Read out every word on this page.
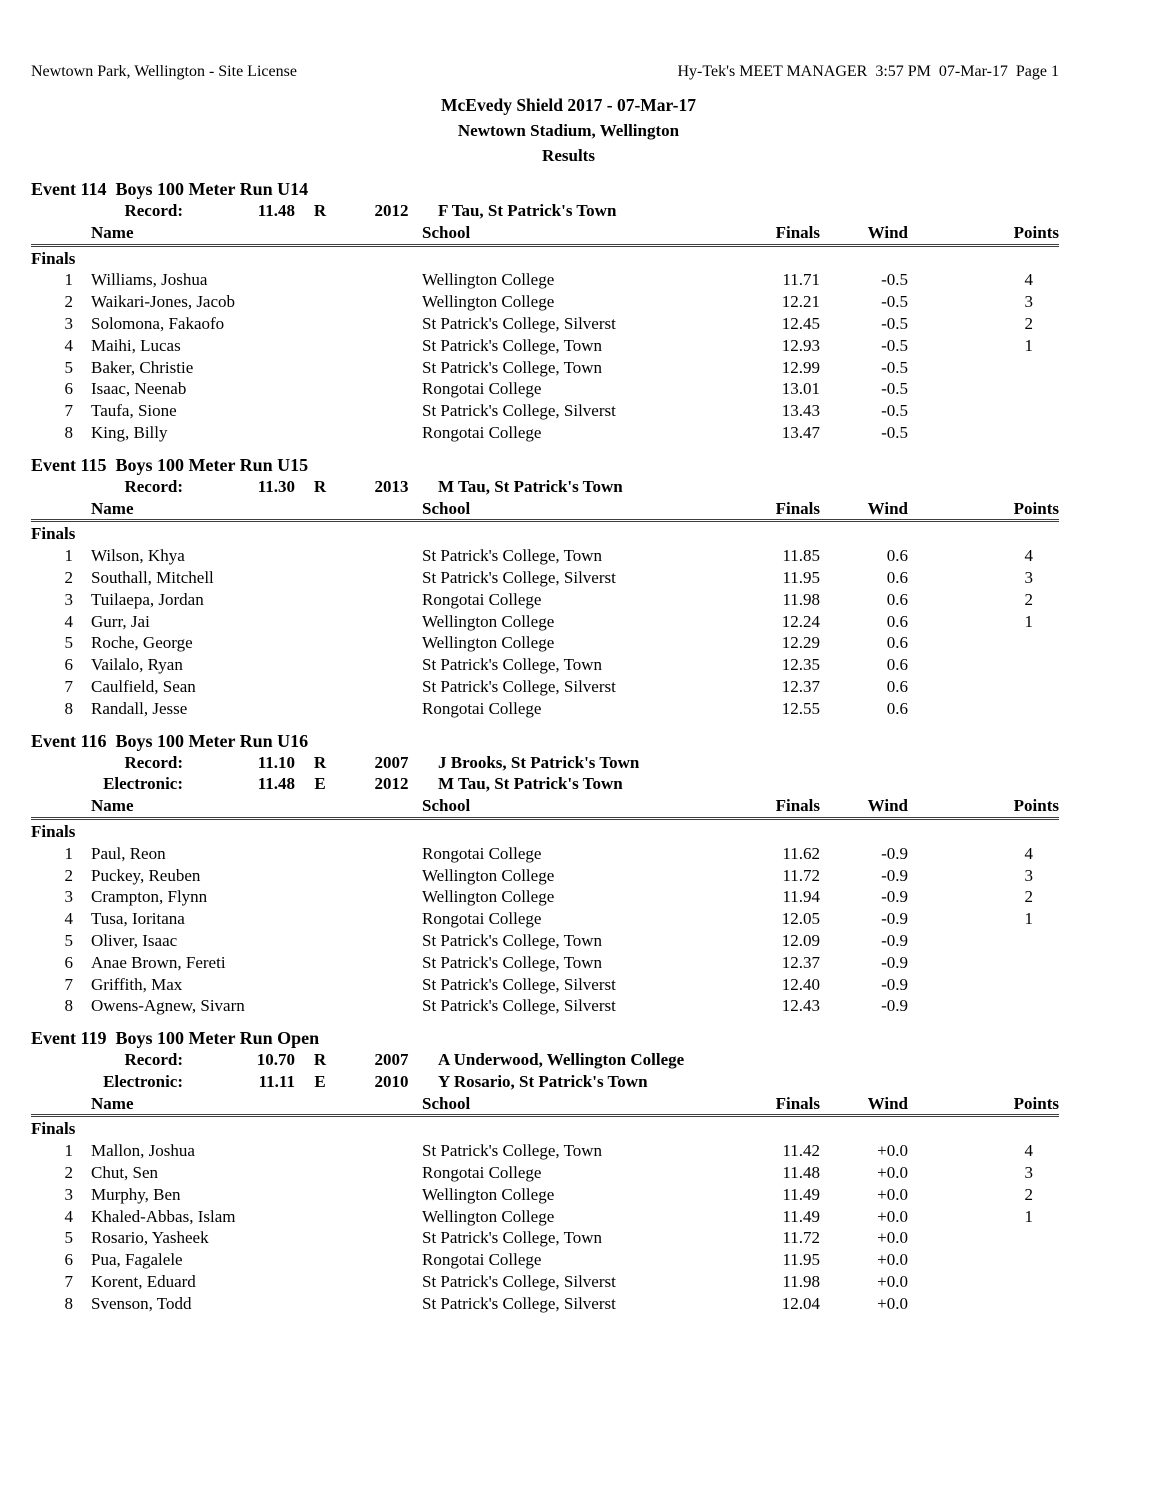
Newtown Park, Wellington - Site License	Hy-Tek's MEET MANAGER  3:57 PM  07-Mar-17  Page 1
McEvedy Shield 2017 - 07-Mar-17
Newtown Stadium, Wellington
Results
Event 114  Boys 100 Meter Run U14
Record:	11.48	R	2012	F Tau, St Patrick's Town
Name	School	Finals	Wind	Points
Finals
1	Williams, Joshua	Wellington College	11.71	-0.5	4
2	Waikari-Jones, Jacob	Wellington College	12.21	-0.5	3
3	Solomona, Fakaofo	St Patrick's College, Silverst	12.45	-0.5	2
4	Maihi, Lucas	St Patrick's College, Town	12.93	-0.5	1
5	Baker, Christie	St Patrick's College, Town	12.99	-0.5
6	Isaac, Neenab	Rongotai College	13.01	-0.5
7	Taufa, Sione	St Patrick's College, Silverst	13.43	-0.5
8	King, Billy	Rongotai College	13.47	-0.5
Event 115  Boys 100 Meter Run U15
Record:	11.30	R	2013	M Tau, St Patrick's Town
Name	School	Finals	Wind	Points
Finals
1	Wilson, Khya	St Patrick's College, Town	11.85	0.6	4
2	Southall, Mitchell	St Patrick's College, Silverst	11.95	0.6	3
3	Tuilaepa, Jordan	Rongotai College	11.98	0.6	2
4	Gurr, Jai	Wellington College	12.24	0.6	1
5	Roche, George	Wellington College	12.29	0.6
6	Vailalo, Ryan	St Patrick's College, Town	12.35	0.6
7	Caulfield, Sean	St Patrick's College, Silverst	12.37	0.6
8	Randall, Jesse	Rongotai College	12.55	0.6
Event 116  Boys 100 Meter Run U16
Record:	11.10	R	2007	J Brooks, St Patrick's Town
Electronic:	11.48	E	2012	M Tau, St Patrick's Town
Name	School	Finals	Wind	Points
Finals
1	Paul, Reon	Rongotai College	11.62	-0.9	4
2	Puckey, Reuben	Wellington College	11.72	-0.9	3
3	Crampton, Flynn	Wellington College	11.94	-0.9	2
4	Tusa, Ioritana	Rongotai College	12.05	-0.9	1
5	Oliver, Isaac	St Patrick's College, Town	12.09	-0.9
6	Anae Brown, Fereti	St Patrick's College, Town	12.37	-0.9
7	Griffith, Max	St Patrick's College, Silverst	12.40	-0.9
8	Owens-Agnew, Sivarn	St Patrick's College, Silverst	12.43	-0.9
Event 119  Boys 100 Meter Run Open
Record:	10.70	R	2007	A Underwood, Wellington College
Electronic:	11.11	E	2010	Y Rosario, St Patrick's Town
Name	School	Finals	Wind	Points
Finals
1	Mallon, Joshua	St Patrick's College, Town	11.42	+0.0	4
2	Chut, Sen	Rongotai College	11.48	+0.0	3
3	Murphy, Ben	Wellington College	11.49	+0.0	2
4	Khaled-Abbas, Islam	Wellington College	11.49	+0.0	1
5	Rosario, Yasheek	St Patrick's College, Town	11.72	+0.0
6	Pua, Fagalele	Rongotai College	11.95	+0.0
7	Korent, Eduard	St Patrick's College, Silverst	11.98	+0.0
8	Svenson, Todd	St Patrick's College, Silverst	12.04	+0.0
